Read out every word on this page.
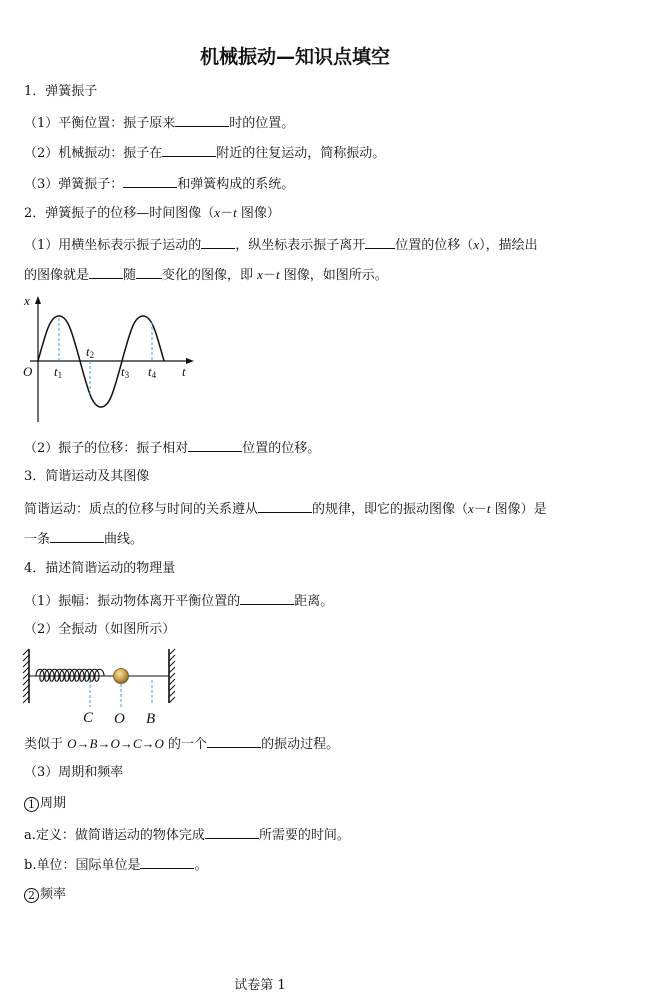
机械振动—知识点填空
1．弹簧振子
（1）平衡位置：振子原来	时的位置。
（2）机械振动：振子在	附近的往复运动，简称振动。
（3）弹簧振子：	和弹簧构成的系统。
2．弹簧振子的位移—时间图像（x－t 图像）
（1）用横坐标表示振子运动的	，纵坐标表示振子离开 位置的位移（x），描绘出
的图像就是	随 变化的图像，即 x－t 图像，如图所示。
x
t
O t1
t2
t3 t4
（2）振子的位移：振子相对	位置的位移。
3．简谐运动及其图像
简谐运动：质点的位移与时间的关系遵从	的规律，即它的振动图像（x－t 图像）是
一条	曲线。
4．描述简谐运动的物理量
（1）振幅：振动物体离开平衡位置的	距离。
（2）全振动（如图所示）
C O B
类似于 O→B→O→C→O 的一个	的振动过程。
（3）周期和频率
1 周期
a.定义：做简谐运动的物体完成	所需要的时间。
b.单位：国际单位是	。
2 频率
试卷第 1
